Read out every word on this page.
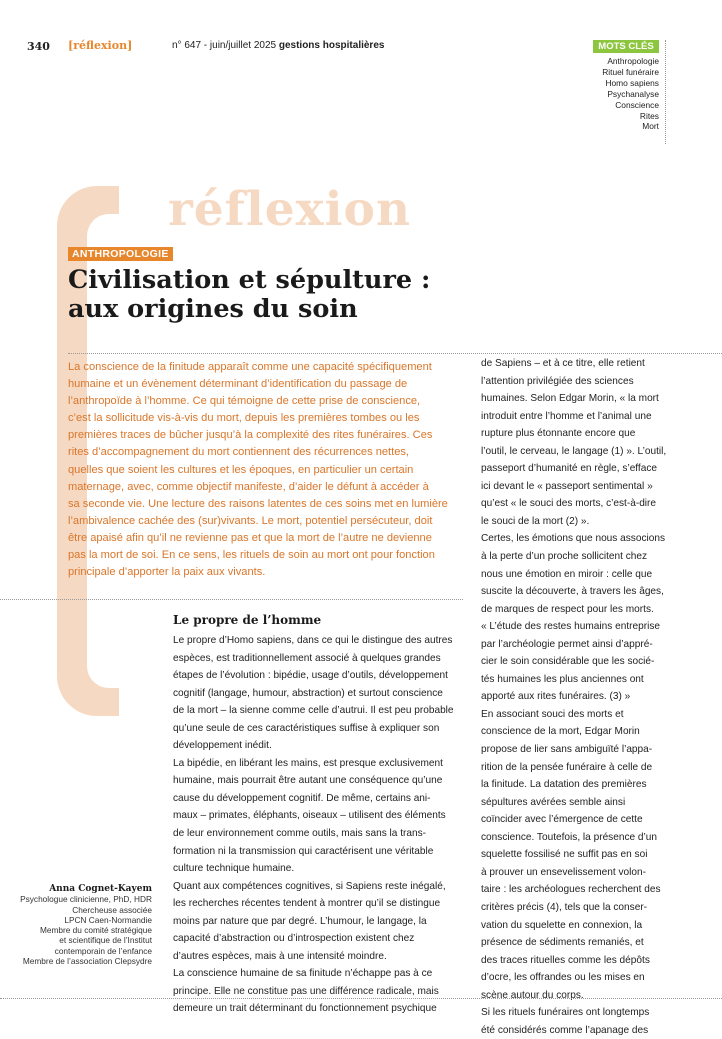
340 [réflexion]	n° 647 - juin/juillet 2025 gestions hospitalières	MOTS CLÉS
Anthropologie
Rituel funéraire
Homo sapiens
Psychanalyse
Conscience
Rites
Mort
réflexion
ANTHROPOLOGIE
Civilisation et sépulture :
aux origines du soin
La conscience de la finitude apparaît comme une capacité spécifiquement
humaine et un évènement déterminant d’identification du passage de
l’anthropoïde à l’homme. Ce qui témoigne de cette prise de conscience,
c’est la sollicitude vis-à-vis du mort, depuis les premières tombes ou les
premières traces de bûcher jusqu’à la complexité des rites funéraires. Ces
rites d’accompagnement du mort contiennent des récurrences nettes,
quelles que soient les cultures et les époques, en particulier un certain
maternage, avec, comme objectif manifeste, d’aider le défunt à accéder à
sa seconde vie. Une lecture des raisons latentes de ces soins met en lumière
l’ambivalence cachée des (sur)vivants. Le mort, potentiel persécuteur, doit
être apaisé afin qu’il ne revienne pas et que la mort de l’autre ne devienne
pas la mort de soi. En ce sens, les rituels de soin au mort ont pour fonction
principale d’apporter la paix aux vivants.
Le propre de l’homme
Le propre d’Homo sapiens, dans ce qui le distingue des autres
espèces, est traditionnellement associé à quelques grandes
étapes de l’évolution : bipédie, usage d’outils, développement
cognitif (langage, humour, abstraction) et surtout conscience
de la mort – la sienne comme celle d’autrui. Il est peu probable
qu’une seule de ces caractéristiques suffise à expliquer son
développement inédit.
La bipédie, en libérant les mains, est presque exclusivement
humaine, mais pourrait être autant une conséquence qu’une
cause du développement cognitif. De même, certains ani-
maux – primates, éléphants, oiseaux – utilisent des éléments
de leur environnement comme outils, mais sans la trans-
formation ni la transmission qui caractérisent une véritable
culture technique humaine.
Quant aux compétences cognitives, si Sapiens reste inégalé,
les recherches récentes tendent à montrer qu’il se distingue
moins par nature que par degré. L’humour, le langage, la
capacité d’abstraction ou d’introspection existent chez
d’autres espèces, mais à une intensité moindre.
La conscience humaine de sa finitude n’échappe pas à ce
principe. Elle ne constitue pas une différence radicale, mais
demeure un trait déterminant du fonctionnement psychique
de Sapiens – et à ce titre, elle retient
l’attention privilégiée des sciences
humaines. Selon Edgar Morin, « la mort
introduit entre l’homme et l’animal une
rupture plus étonnante encore que
l’outil, le cerveau, le langage (1) ». L’outil,
passeport d’humanité en règle, s’efface
ici devant le « passeport sentimental »
qu’est « le souci des morts, c’est-à-dire
le souci de la mort (2) ».
Certes, les émotions que nous associons
à la perte d’un proche sollicitent chez
nous une émotion en miroir : celle que
suscite la découverte, à travers les âges,
de marques de respect pour les morts.
« L’étude des restes humains entreprise
par l’archéologie permet ainsi d’appré-
cier le soin considérable que les socié-
tés humaines les plus anciennes ont
apporté aux rites funéraires. (3) »
En associant souci des morts et
conscience de la mort, Edgar Morin
propose de lier sans ambiguïté l’appa-
rition de la pensée funéraire à celle de
la finitude. La datation des premières
sépultures avérées semble ainsi
coïncider avec l’émergence de cette
conscience. Toutefois, la présence d’un
squelette fossilisé ne suffit pas en soi
à prouver un ensevelissement volon-
taire : les archéologues recherchent des
critères précis (4), tels que la conser-
vation du squelette en connexion, la
présence de sédiments remaniés, et
des traces rituelles comme les dépôts
d’ocre, les offrandes ou les mises en
scène autour du corps.
Si les rituels funéraires ont longtemps
été considérés comme l’apanage des
Anna Cognet-Kayem
Psychologue clinicienne, PhD, HDR
Chercheuse associée
LPCN Caen-Normandie
Membre du comité stratégique
et scientifique de l’Institut
contemporain de l’enfance
Membre de l’association Clepsydre
